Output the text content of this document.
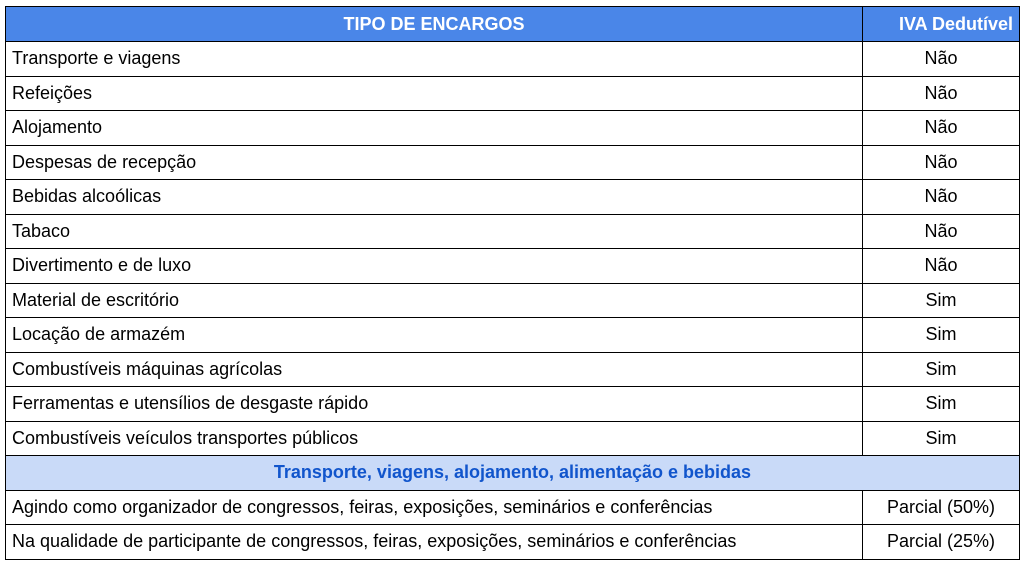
TIPO DE ENCARGOS	IVA Dedutível
Transporte e viagens	Não
Refeições	Não
Alojamento	Não
Despesas de recepção	Não
Bebidas alcoólicas	Não
Tabaco	Não
Divertimento e de luxo	Não
Material de escritório	Sim
Locação de armazém	Sim
Combustíveis máquinas agrícolas	Sim
Ferramentas e utensílios de desgaste rápido	Sim
Combustíveis veículos transportes públicos	Sim
Transporte, viagens, alojamento, alimentação e bebidas	
Agindo como organizador de congressos, feiras, exposições, seminários e conferências	Parcial (50%)
Na qualidade de participante de congressos, feiras, exposições, seminários e conferências	Parcial (25%)
